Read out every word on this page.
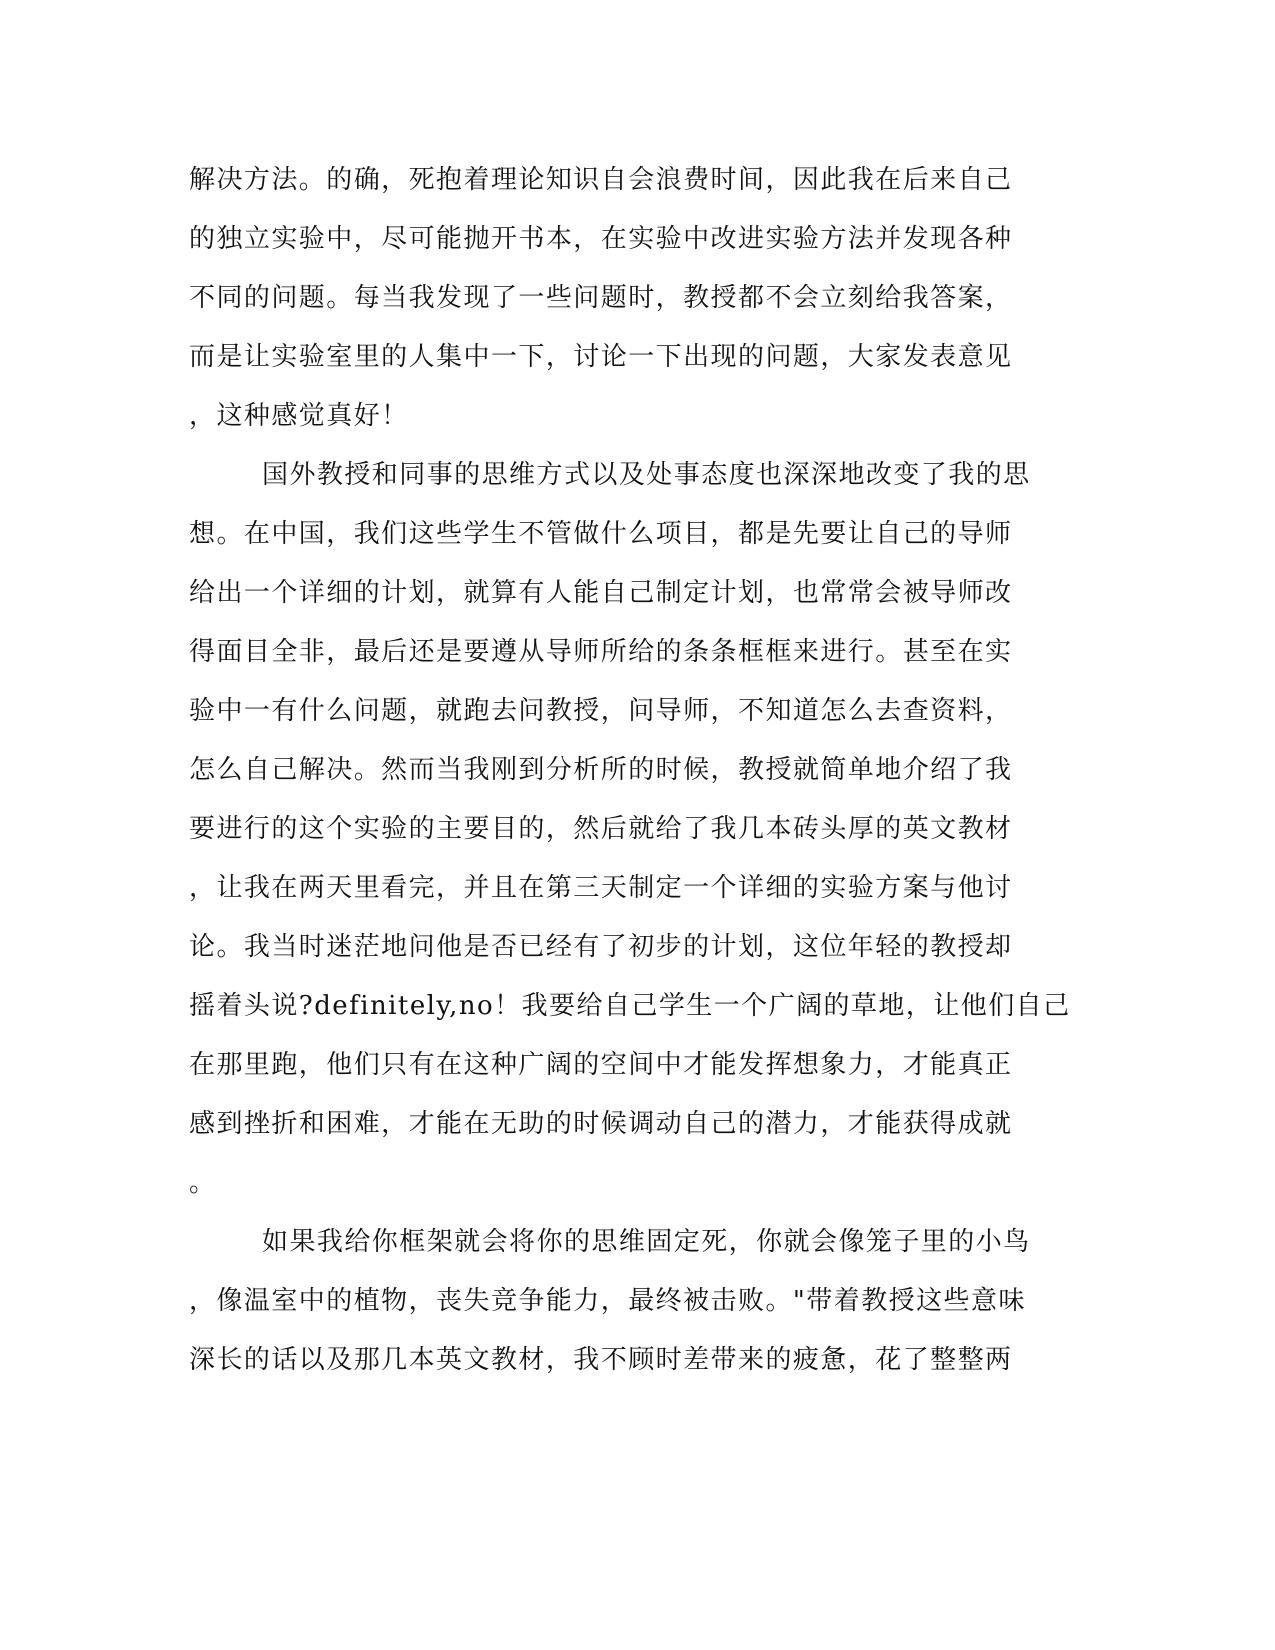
解决方法。的确，死抱着理论知识自会浪费时间，因此我在后来自己
的独立实验中，尽可能抛开书本，在实验中改进实验方法并发现各种
不同的问题。每当我发现了一些问题时，教授都不会立刻给我答案，
而是让实验室里的人集中一下，讨论一下出现的问题，大家发表意见
，这种感觉真好！
国外教授和同事的思维方式以及处事态度也深深地改变了我的思
想。在中国，我们这些学生不管做什么项目，都是先要让自己的导师
给出一个详细的计划，就算有人能自己制定计划，也常常会被导师改
得面目全非，最后还是要遵从导师所给的条条框框来进行。甚至在实
验中一有什么问题，就跑去问教授，问导师，不知道怎么去查资料，
怎么自己解决。然而当我刚到分析所的时候，教授就简单地介绍了我
要进行的这个实验的主要目的，然后就给了我几本砖头厚的英文教材
，让我在两天里看完，并且在第三天制定一个详细的实验方案与他讨
论。我当时迷茫地问他是否已经有了初步的计划，这位年轻的教授却
摇着头说?definitely,no！我要给自己学生一个广阔的草地，让他们自己
在那里跑，他们只有在这种广阔的空间中才能发挥想象力，才能真正
感到挫折和困难，才能在无助的时候调动自己的潜力，才能获得成就
。
如果我给你框架就会将你的思维固定死，你就会像笼子里的小鸟
，像温室中的植物，丧失竞争能力，最终被击败。"带着教授这些意味
深长的话以及那几本英文教材，我不顾时差带来的疲惫，花了整整两
